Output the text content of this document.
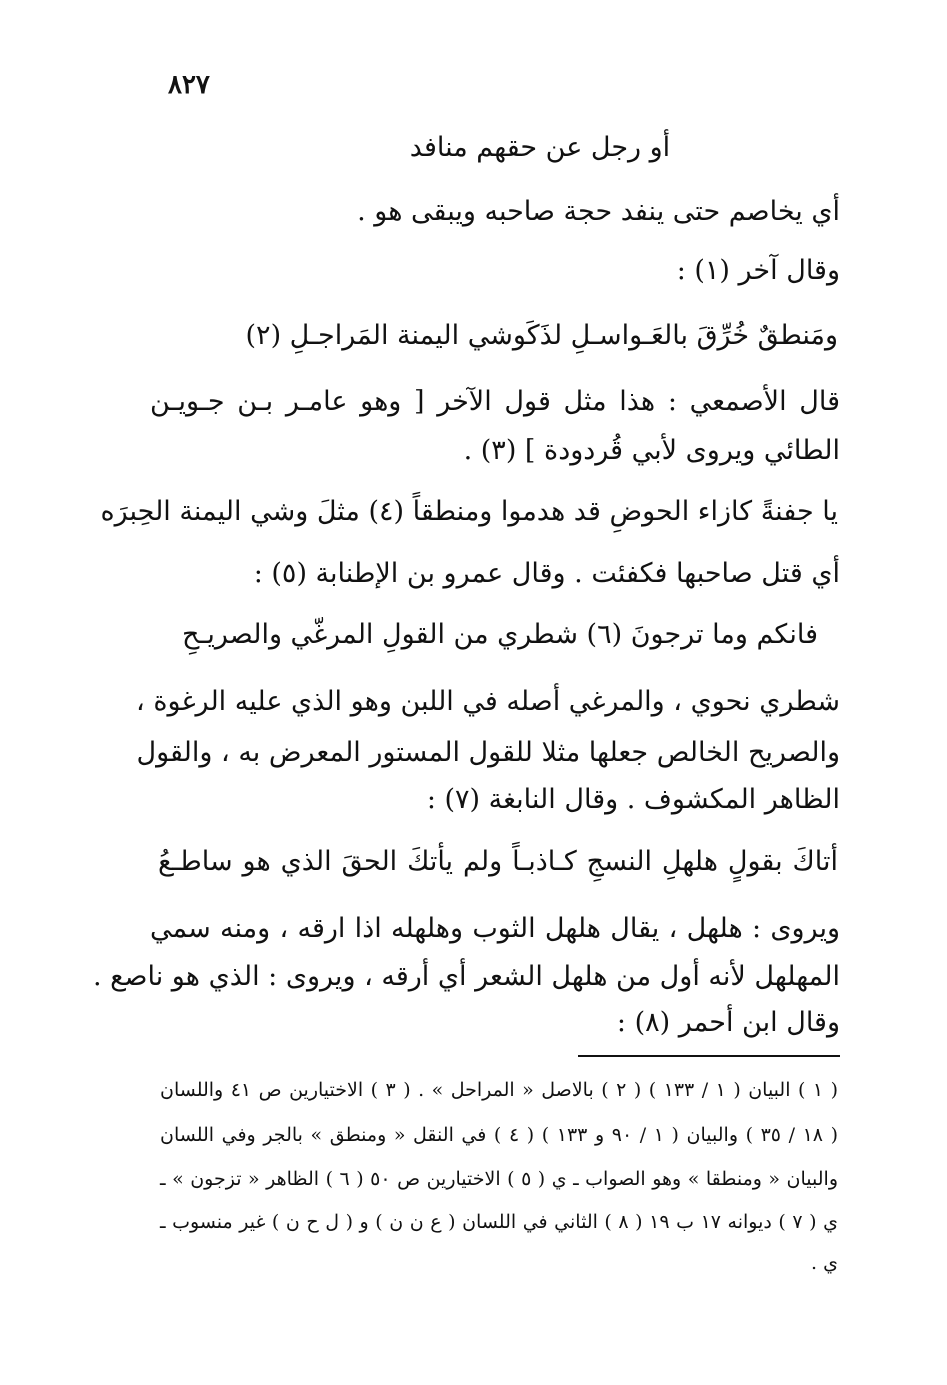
٨٢٧
أو رجل عن حقهم منافد
أي يخاصم حتى ينفد حجة صاحبه ويبقى هو .
وقال آخر (١) :
ومَنطقٌ خُرِّقَ بالعَـواسـلِ لذَكَوشي اليمنة المَراجـلِ (٢)
قال الأصمعي : هذا مثل قول الآخر [ وهو عامـر بـن جـويـن
الطائي ويروى لأبي قُردودة ] (٣) .
يا جفنةً كازاء الحوضِ قد هدموا ومنطقاً (٤) مثلَ وشي اليمنة الحِبرَه
أي قتل صاحبها فكفئت . وقال عمرو بن الإطنابة (٥) :
فانكم وما ترجونَ (٦) شطري من القولِ المرغّي والصريـحِ
شطري نحوي ، والمرغي أصله في اللبن وهو الذي عليه الرغوة ،
والصريح الخالص جعلها مثلا للقول المستور المعرض به ، والقول
الظاهر المكشوف . وقال النابغة (٧) :
أتاكَ بقولٍ هلهلِ النسجِ كـاذبـاً ولم يأتكَ الحقَ الذي هو ساطـعُ
ويروى : هلهل ، يقال هلهل الثوب وهلهله اذا ارقه ، ومنه سمي
المهلهل لأنه أول من هلهل الشعر أي أرقه ، ويروى : الذي هو ناصع .
وقال ابن أحمر (٨) :
( ١ ) البيان ( ١ / ١٣٣ ) ( ٢ ) بالاصل « المراحل » . ( ٣ ) الاختيارين ص ٤١ واللسان
( ١٨ / ٣٥ ) والبيان ( ١ / ٩٠ و ١٣٣ ) ( ٤ ) في النقل « ومنطق » بالجر وفي اللسان
والبيان « ومنطقا » وهو الصواب ـ ي ( ٥ ) الاختيارين ص ٥٠ ( ٦ ) الظاهر « تزجون » ـ
ي ( ٧ ) ديوانه ١٧ ب ١٩ ( ٨ ) الثاني في اللسان ( ع ن ن ) و ( ل ح ن ) غير منسوب ـ
ي .
